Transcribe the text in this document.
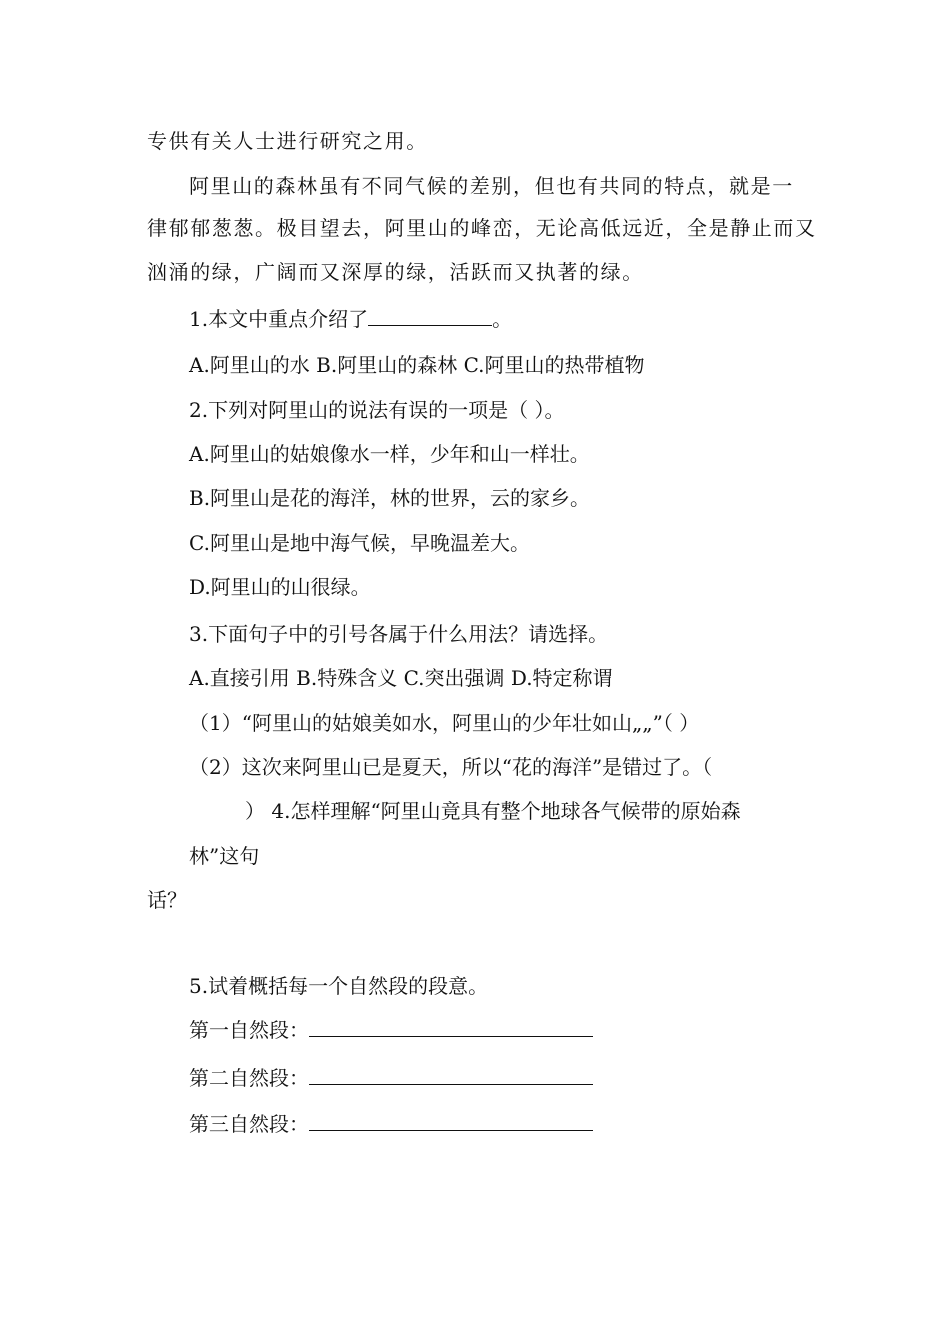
专供有关人士进行研究之用。
阿里山的森林虽有不同气候的差别，但也有共同的特点，就是一
律郁郁葱葱。极目望去，阿里山的峰峦，无论高低远近，全是静止而又
汹涌的绿，广阔而又深厚的绿，活跃而又执著的绿。
1.本文中重点介绍了	。
A.阿里山的水 B.阿里山的森林 C.阿里山的热带植物
2.下列对阿里山的说法有误的一项是（ ）。
A.阿里山的姑娘像水一样，少年和山一样壮。
B.阿里山是花的海洋，林的世界，云的家乡。
C.阿里山是地中海气候，早晚温差大。
D.阿里山的山很绿。
3.下面句子中的引号各属于什么用法？请选择。
A.直接引用 B.特殊含义 C.突出强调 D.特定称谓
（1）“阿里山的姑娘美如水，阿里山的少年壮如山„„”（ ）
（2）这次来阿里山已是夏天，所以“花的海洋”是错过了。（
） 4.怎样理解“阿里山竟具有整个地球各气候带的原始森
林”这句
话？
5.试着概括每一个自然段的段意。
第一自然段：
第二自然段：
第三自然段：
